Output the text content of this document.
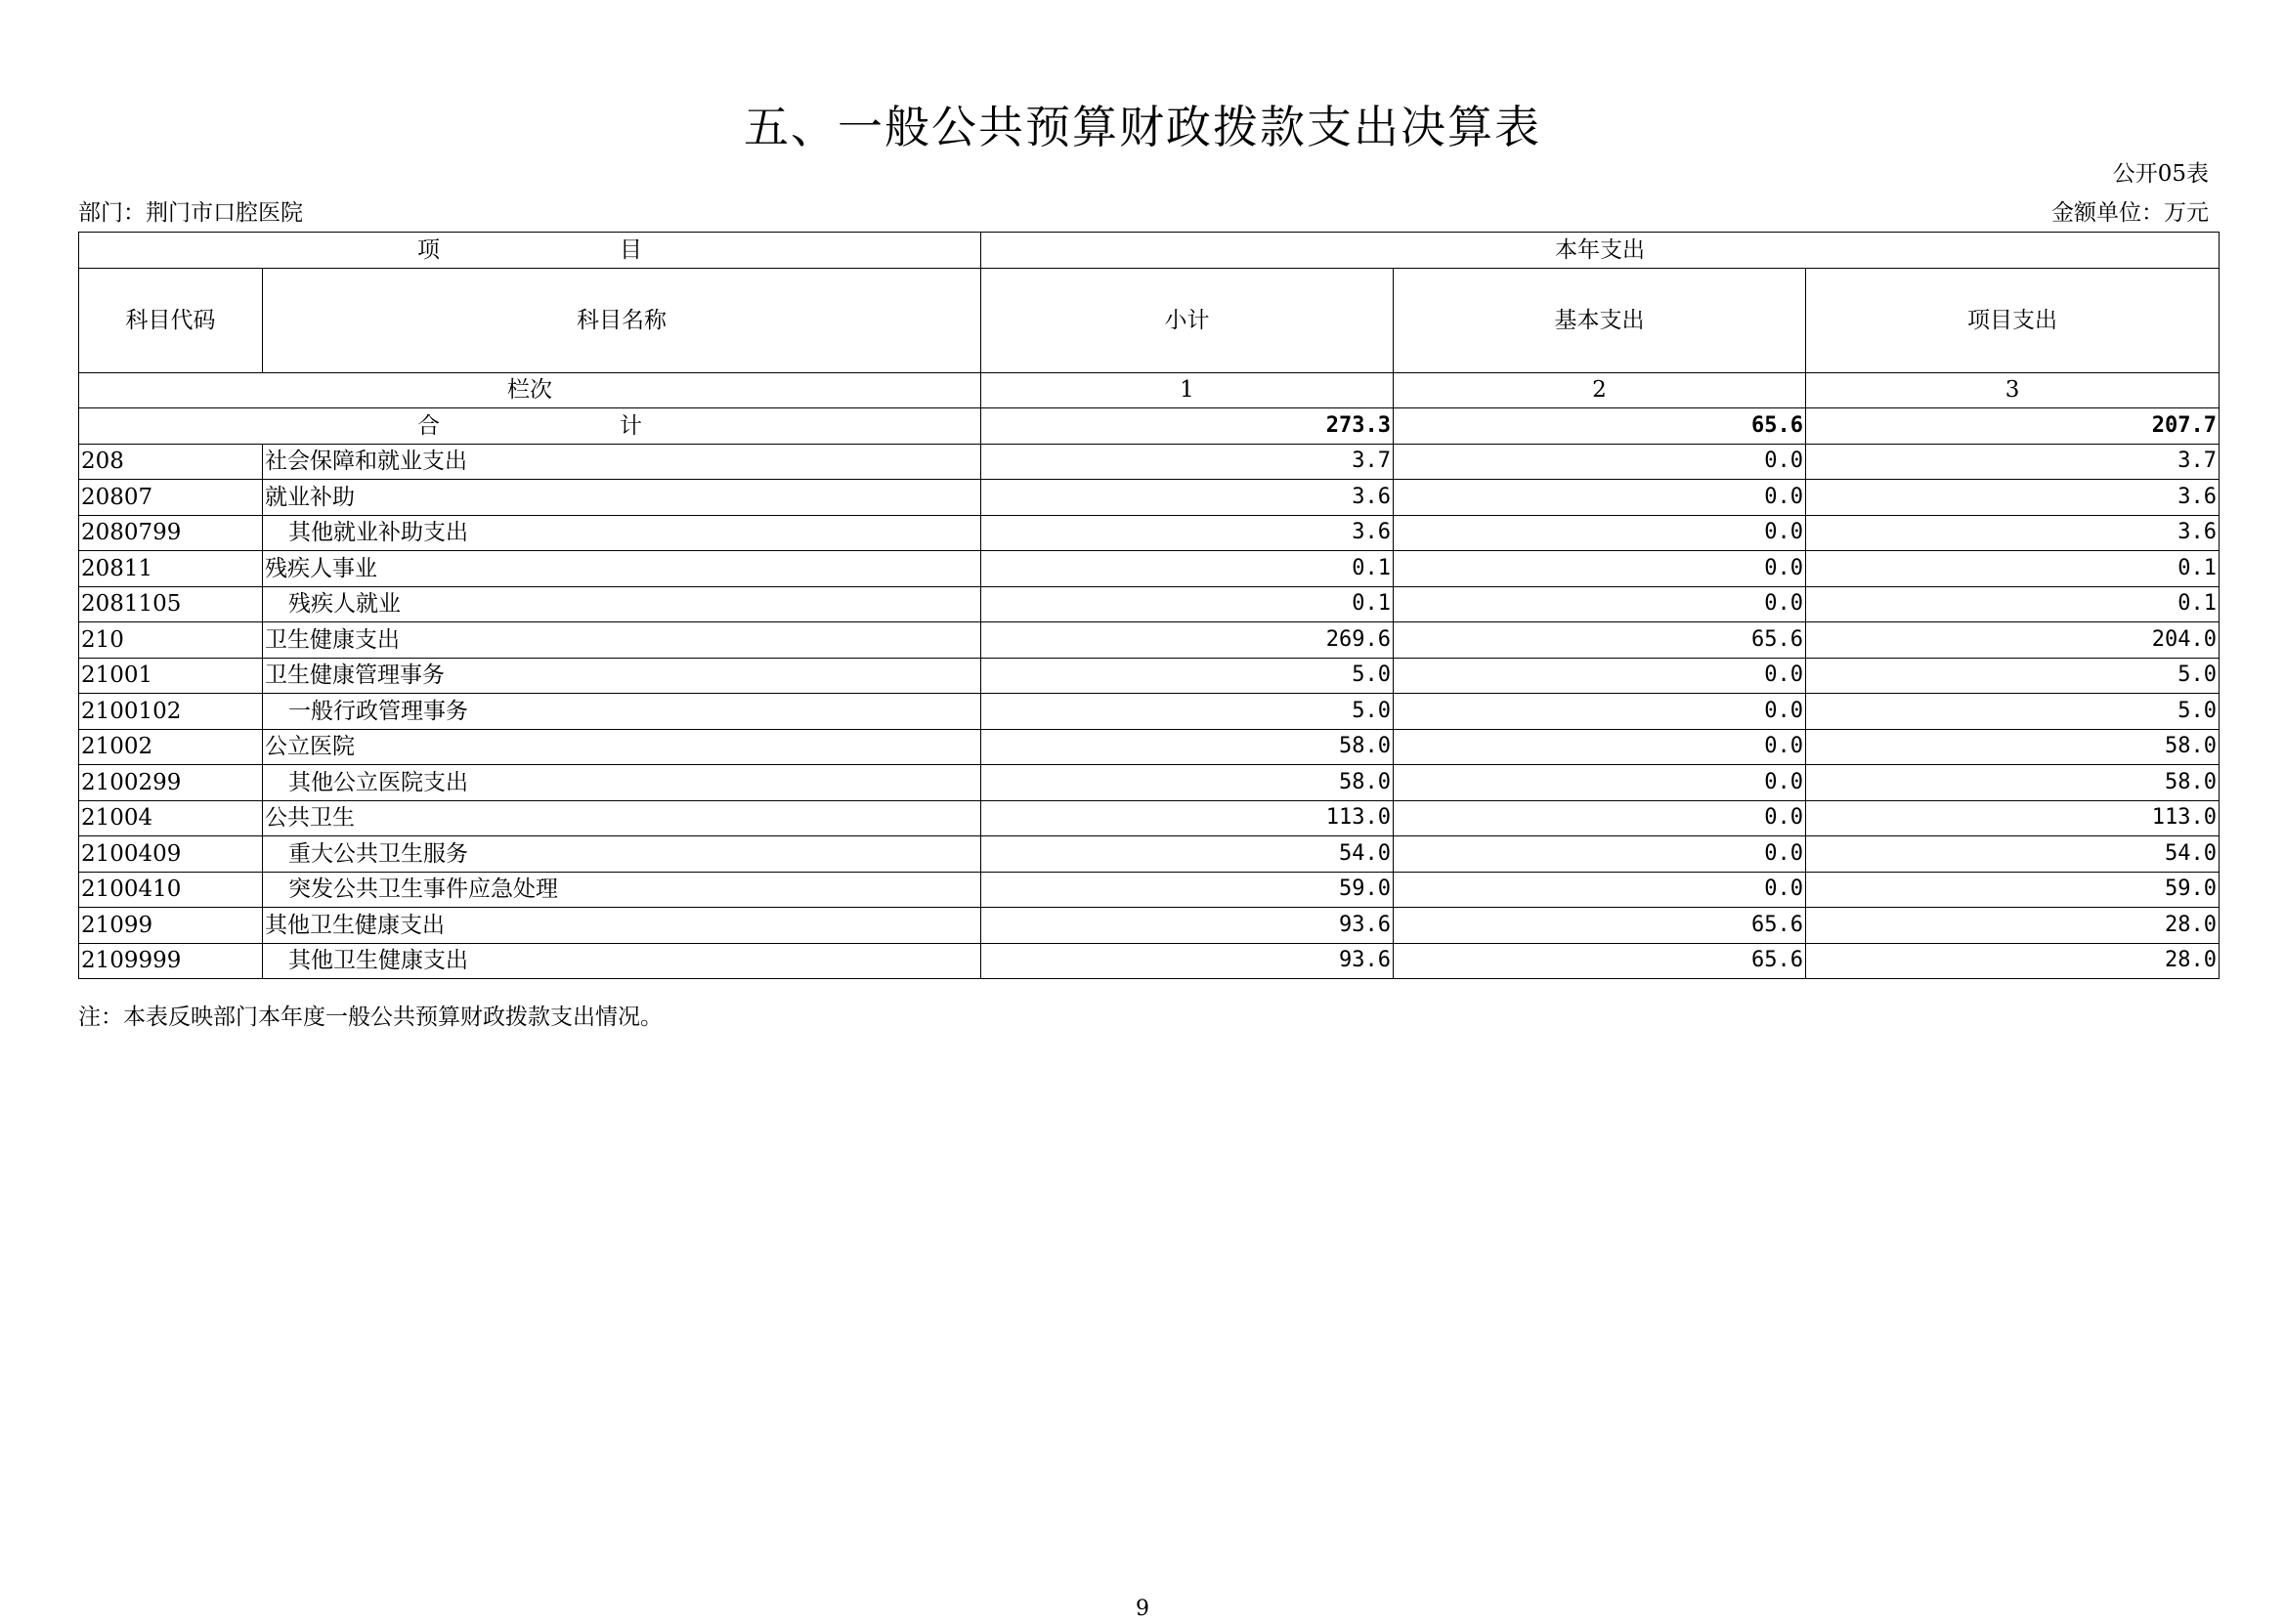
五、一般公共预算财政拨款支出决算表
公开05表
部门：荆门市口腔医院	金额单位：万元
项　　　　　　　　目		本年支出		
科目代码	科目名称	小计	基本支出	项目支出
栏次		1	2	3
合　　　　　　　　计		273.3	65.6	207.7
208	社会保障和就业支出	3.7	0.0	3.7
20807	就业补助	3.6	0.0	3.6
2080799	其他就业补助支出	3.6	0.0	3.6
20811	残疾人事业	0.1	0.0	0.1
2081105	残疾人就业	0.1	0.0	0.1
210	卫生健康支出	269.6	65.6	204.0
21001	卫生健康管理事务	5.0	0.0	5.0
2100102	一般行政管理事务	5.0	0.0	5.0
21002	公立医院	58.0	0.0	58.0
2100299	其他公立医院支出	58.0	0.0	58.0
21004	公共卫生	113.0	0.0	113.0
2100409	重大公共卫生服务	54.0	0.0	54.0
2100410	突发公共卫生事件应急处理	59.0	0.0	59.0
21099	其他卫生健康支出	93.6	65.6	28.0
2109999	其他卫生健康支出	93.6	65.6	28.0
注：本表反映部门本年度一般公共预算财政拨款支出情况。
9
